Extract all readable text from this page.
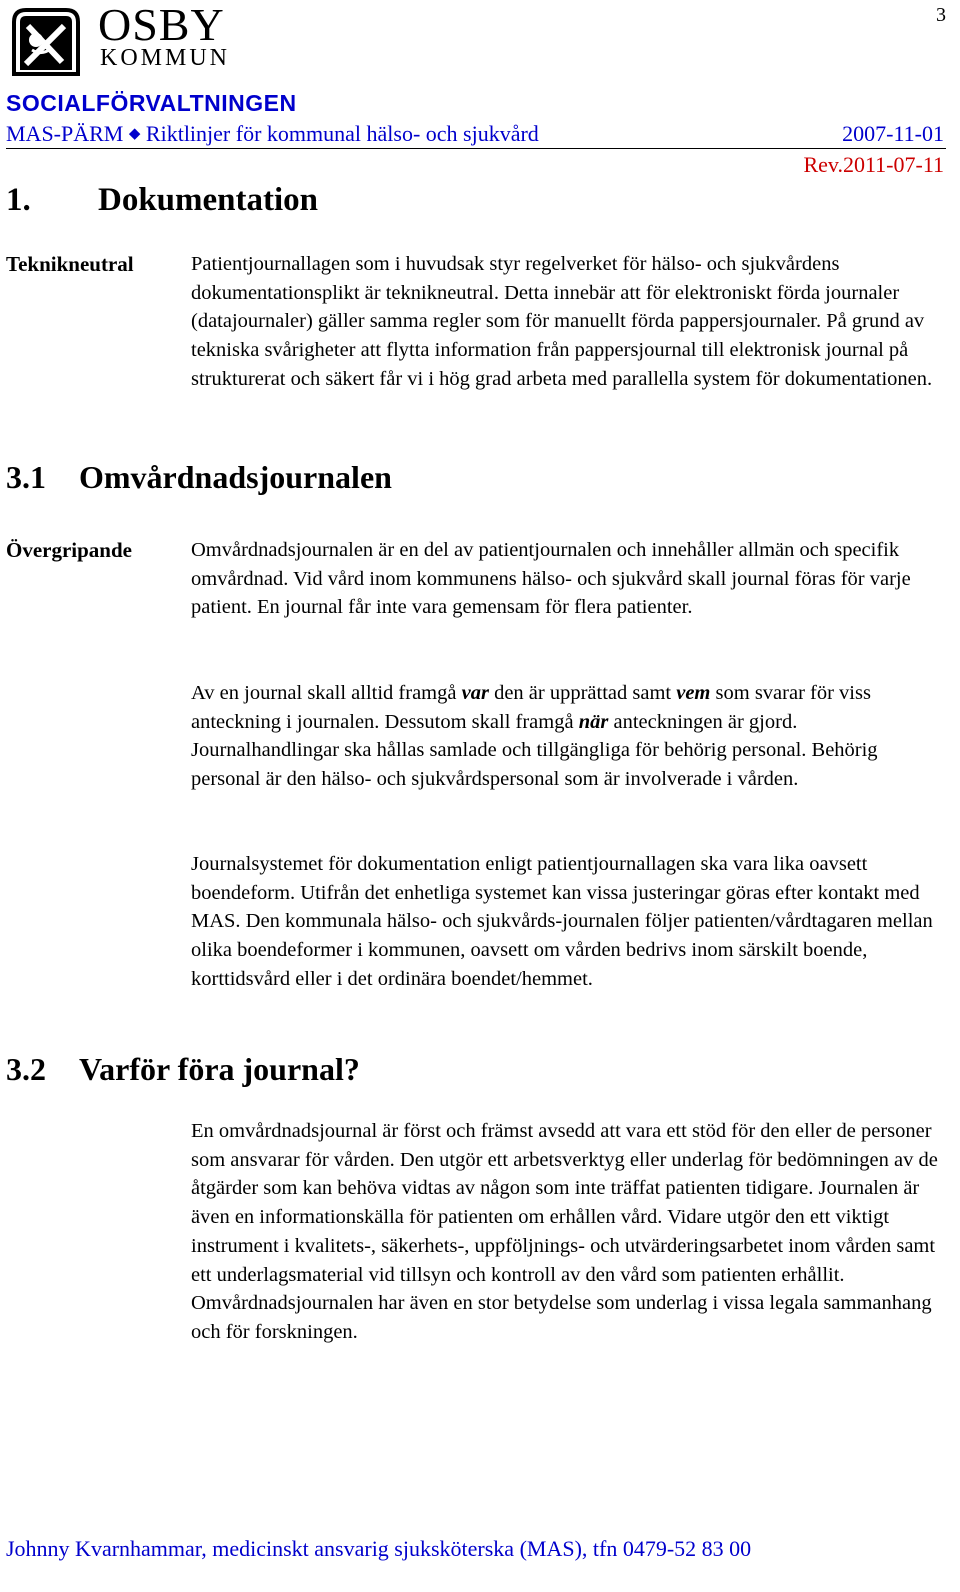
OSBY
KOMMUN
3
SOCIALFÖRVALTNINGEN
MAS-PÄRM ◆ Riktlinjer för kommunal hälso- och sjukvård	2007-11-01
Rev.2011-07-11
1. Dokumentation
Teknikneutral	Patientjournallagen som i huvudsak styr regelverket för hälso- och sjukvårdens dokumentationsplikt är teknikneutral. Detta innebär att för elektroniskt förda journaler (datajournaler) gäller samma regler som för manuellt förda pappersjournaler. På grund av tekniska svårigheter att flytta information från pappersjournal till elektronisk journal på strukturerat och säkert får vi i hög grad arbeta med parallella system för dokumentationen.

3.1 Omvårdnadsjournalen
Övergripande	Omvårdnadsjournalen är en del av patientjournalen och innehåller allmän och specifik omvårdnad. Vid vård inom kommunens hälso- och sjukvård skall journal föras för varje patient. En journal får inte vara gemensam för flera patienter.

Av en journal skall alltid framgå var den är upprättad samt vem som svarar för viss anteckning i journalen. Dessutom skall framgå när anteckningen är gjord. Journalhandlingar ska hållas samlade och tillgängliga för behörig personal. Behörig personal är den hälso- och sjukvårdspersonal som är involverade i vården.

Journalsystemet för dokumentation enligt patientjournallagen ska vara lika oavsett boendeform. Utifrån det enhetliga systemet kan vissa justeringar göras efter kontakt med MAS. Den kommunala hälso- och sjukvårds-journalen följer patienten/vårdtagaren mellan olika boendeformer i kommunen, oavsett om vården bedrivs inom särskilt boende, korttidsvård eller i det ordinära boendet/hemmet.

3.2 Varför föra journal?

En omvårdnadsjournal är först och främst avsedd att vara ett stöd för den eller de personer som ansvarar för vården. Den utgör ett arbetsverktyg eller underlag för bedömningen av de åtgärder som kan behöva vidtas av någon som inte träffat patienten tidigare. Journalen är även en informationskälla för patienten om erhållen vård. Vidare utgör den ett viktigt instrument i kvalitets-, säkerhets-, uppföljnings- och utvärderingsarbetet inom vården samt ett underlagsmaterial vid tillsyn och kontroll av den vård som patienten erhållit. Omvårdnadsjournalen har även en stor betydelse som underlag i vissa legala sammanhang och för forskningen.

Johnny Kvarnhammar, medicinskt ansvarig sjuksköterska (MAS), tfn 0479-52 83 00
